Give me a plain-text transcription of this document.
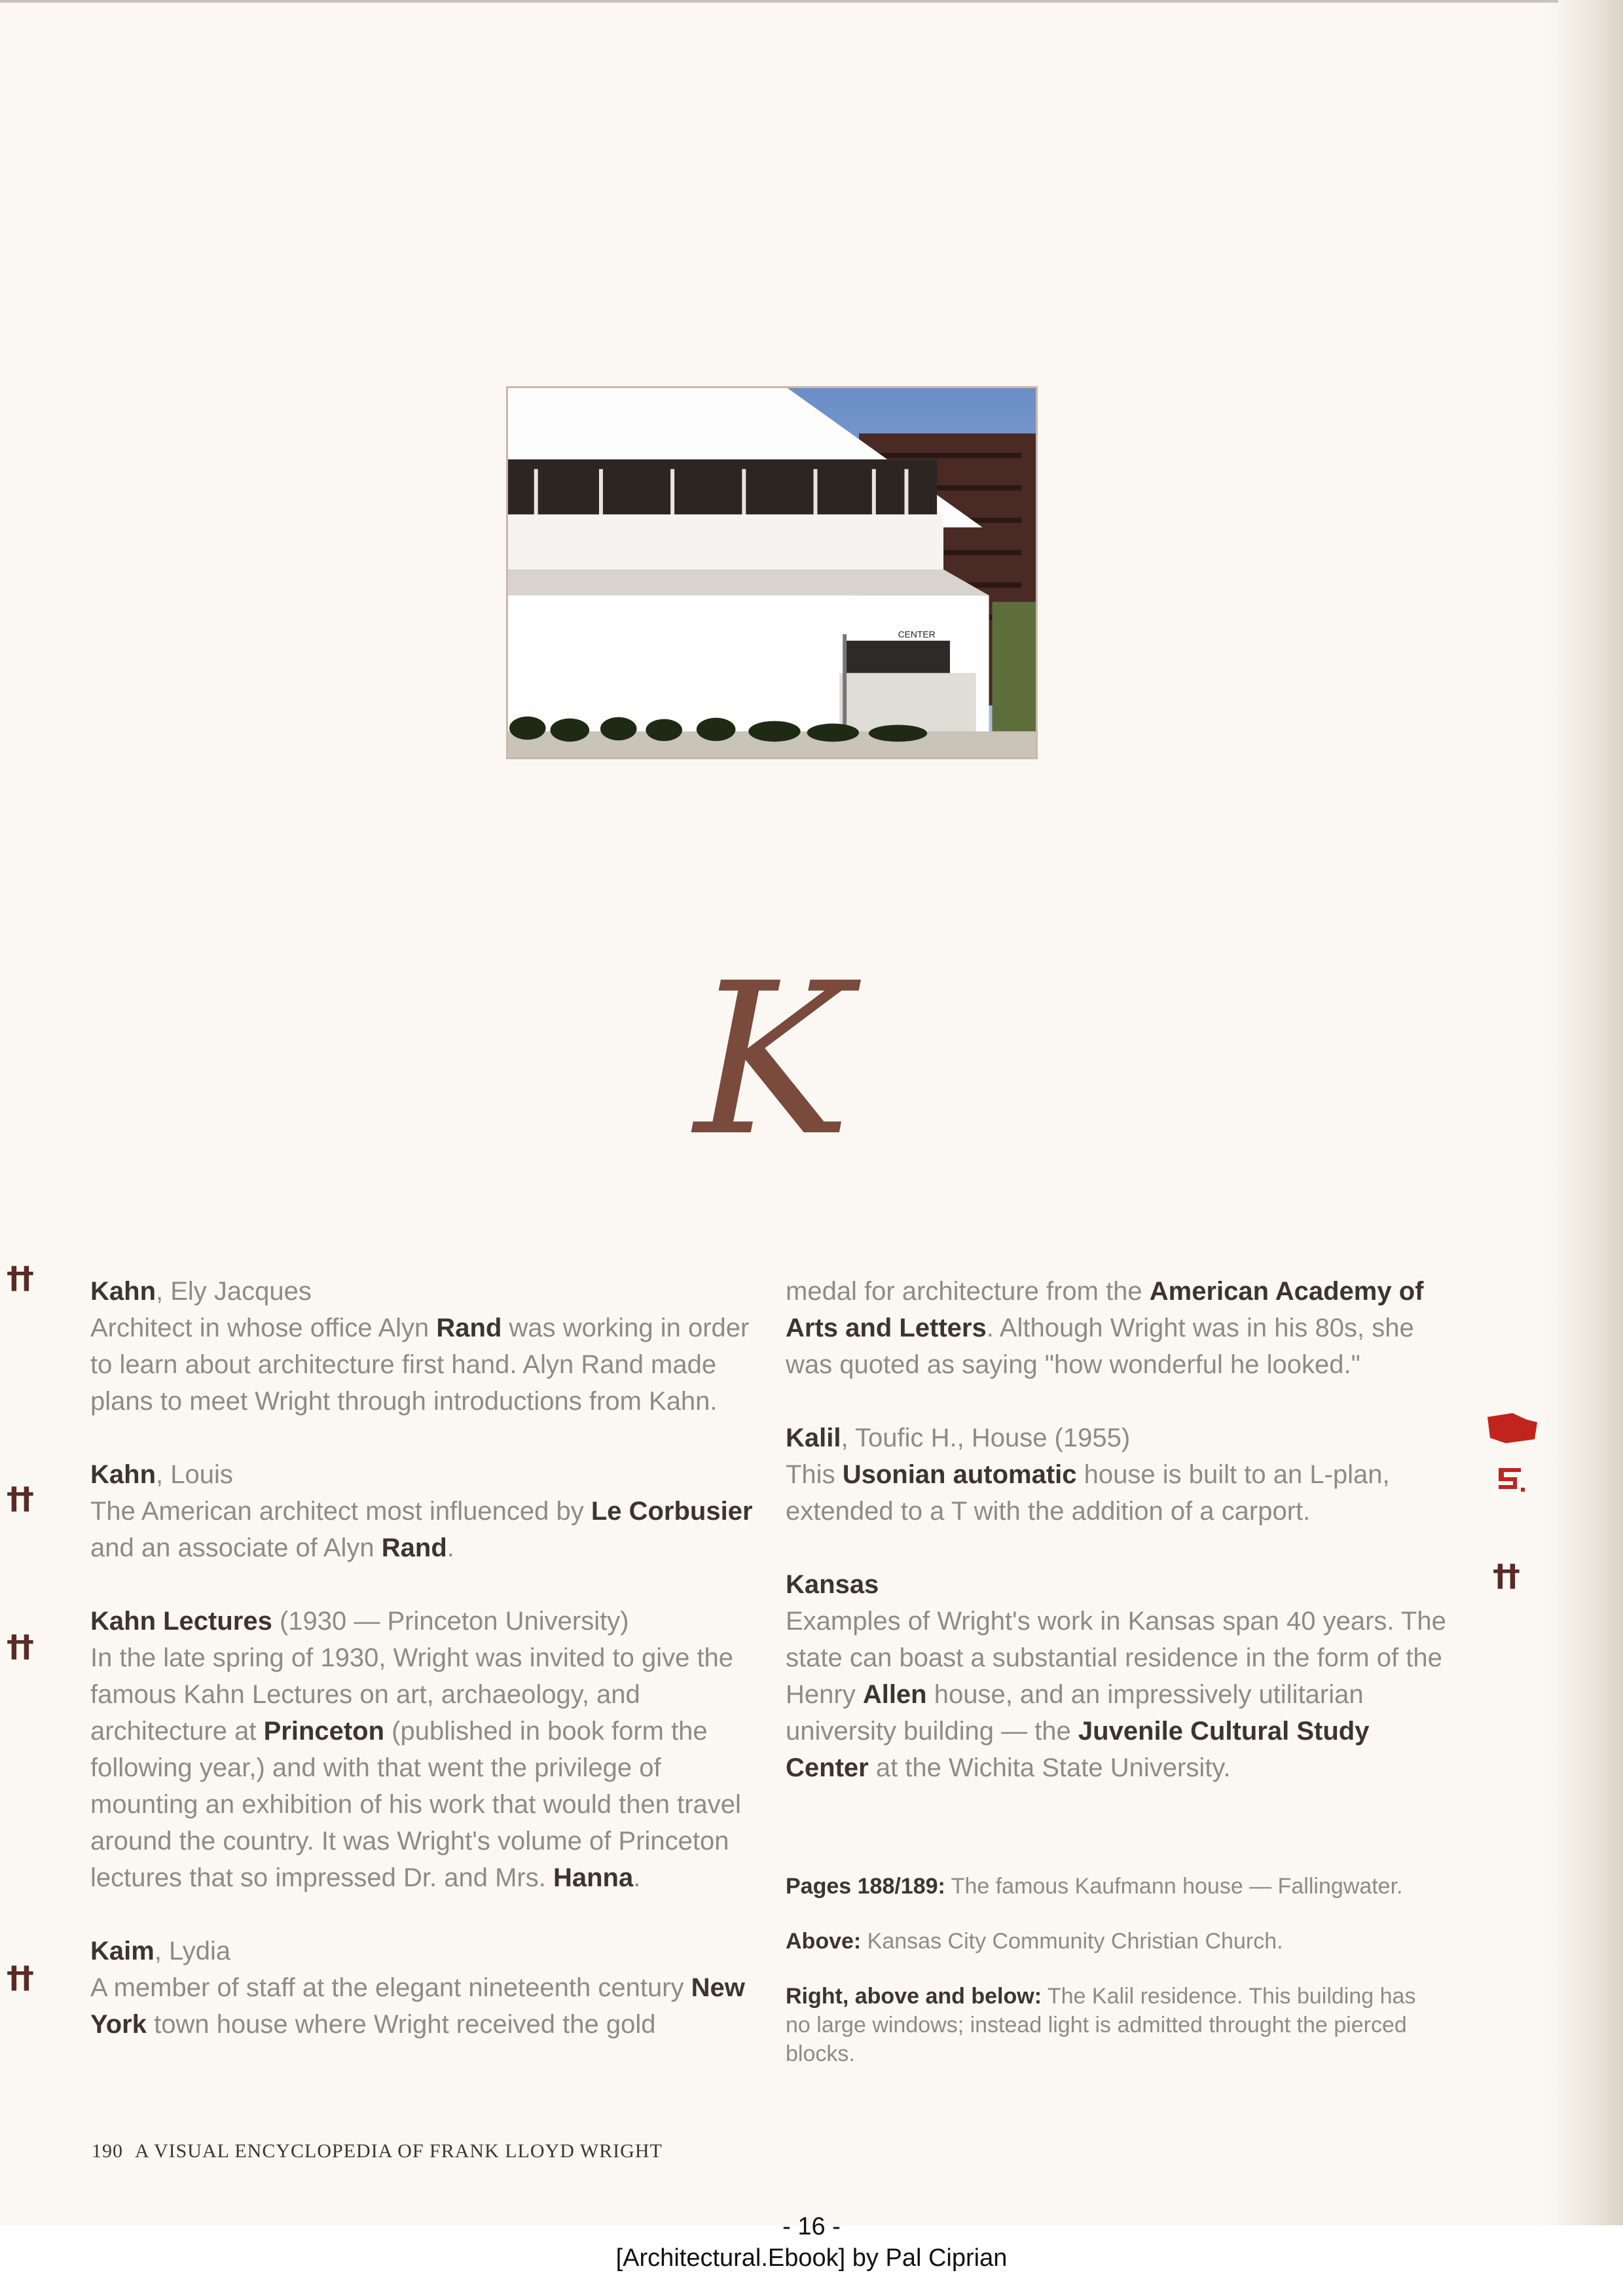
CENTER
K
††
††
††
††
††

Kahn, Ely Jacques

Architect in whose office Alyn Rand was working in order to learn about architecture first hand. Alyn Rand made plans to meet Wright through introductions from Kahn.

Kahn, Louis

The American architect most influenced by Le Corbusier and an associate of Alyn Rand.

Kahn Lectures (1930 — Princeton University)

In the late spring of 1930, Wright was invited to give the famous Kahn Lectures on art, archaeology, and architecture at Princeton (published in book form the following year,) and with that went the privilege of mounting an exhibition of his work that would then travel around the country. It was Wright's volume of Princeton lectures that so impressed Dr. and Mrs. Hanna.

Kaim, Lydia

A member of staff at the elegant nineteenth century New York town house where Wright received the gold

medal for architecture from the American Academy of Arts and Letters. Although Wright was in his 80s, she was quoted as saying "how wonderful he looked."

Kalil, Toufic H., House (1955)

This Usonian automatic house is built to an L-plan, extended to a T with the addition of a carport.

Kansas

Examples of Wright's work in Kansas span 40 years. The state can boast a substantial residence in the form of the Henry Allen house, and an impressively utilitarian university building — the Juvenile Cultural Study Center at the Wichita State University.

Pages 188/189: The famous Kaufmann house — Fallingwater.

Above: Kansas City Community Christian Church.

Right, above and below: The Kalil residence. This building has no large windows; instead light is admitted throught the pierced blocks.

190 A VISUAL ENCYCLOPEDIA OF FRANK LLOYD WRIGHT
- 16 -
[Architectural.Ebook] by Pal Ciprian
